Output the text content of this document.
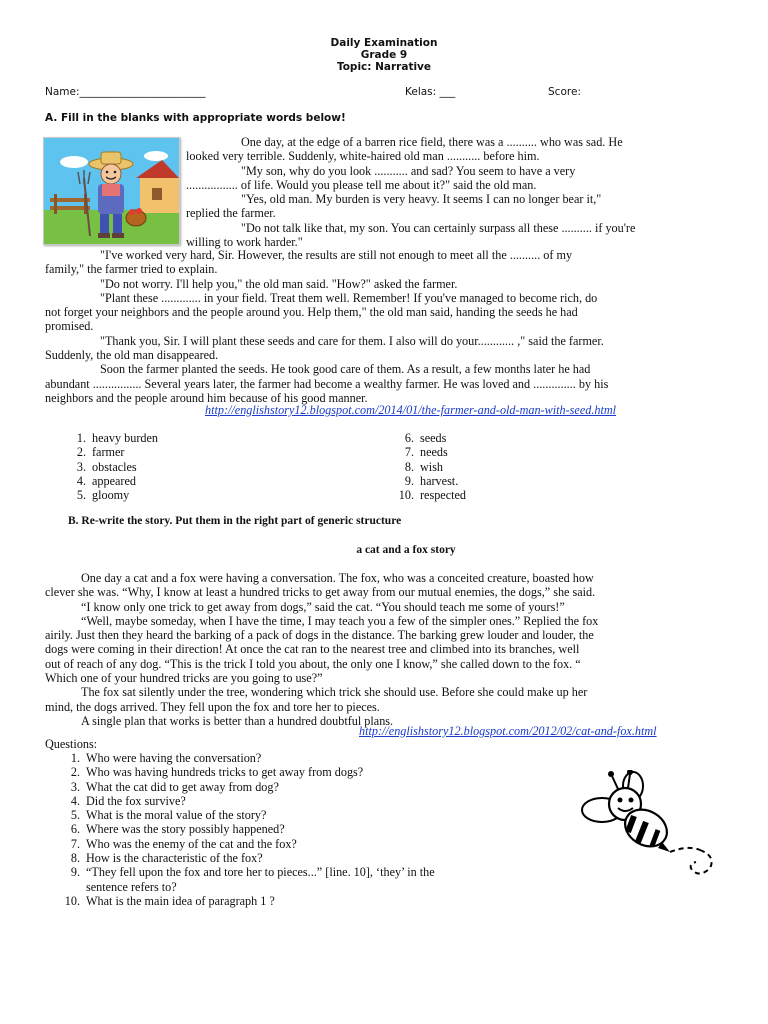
Daily Examination
Grade 9
Topic: Narrative
Name:________________________	Kelas: ___	Score:
A. Fill in the blanks with appropriate words below!

One day, at the edge of a barren rice field, there was a .......... who was sad. He

looked very terrible. Suddenly, white-haired old man ........... before him.

"My son, why do you look ........... and sad? You seem to have a very

................. of life. Would you please tell me about it?" said the old man.

"Yes, old man. My burden is very heavy. It seems I can no longer bear it,"

replied the farmer.

"Do not talk like that, my son. You can certainly surpass all these .......... if you're

willing to work harder."

"I've worked very hard, Sir. However, the results are still not enough to meet all the .......... of my

family," the farmer tried to explain.

"Do not worry. I'll help you," the old man said. "How?" asked the farmer.

"Plant these ............. in your field. Treat them well. Remember! If you've managed to become rich, do

not forget your neighbors and the people around you. Help them," the old man said, handing the seeds he had

promised.

"Thank you, Sir. I will plant these seeds and care for them. I also will do your............ ," said the farmer.

Suddenly, the old man disappeared.

Soon the farmer planted the seeds. He took good care of them. As a result, a few months later he had

abundant ................ Several years later, the farmer had become a wealthy farmer. He was loved and .............. by his

neighbors and the people around him because of his good manner.

http://englishstory12.blogspot.com/2014/01/the-farmer-and-old-man-with-seed.html
1. heavy burden
2. farmer
3. obstacles
4. appeared
5. gloomy
6. seeds
7. needs
8. wish
9. harvest.
10. respected
B. Re-write the story. Put them in the right part of generic structure
a cat and a fox story

One day a cat and a fox were having a conversation. The fox, who was a conceited creature, boasted how

clever she was. “Why, I know at least a hundred tricks to get away from our mutual enemies, the dogs,” she said.

“I know only one trick to get away from dogs,” said the cat. “You should teach me some of yours!”

“Well, maybe someday, when I have the time, I may teach you a few of the simpler ones.” Replied the fox

airily. Just then they heard the barking of a pack of dogs in the distance. The barking grew louder and louder, the

dogs were coming in their direction! At once the cat ran to the nearest tree and climbed into its branches, well

out of reach of any dog. “This is the trick I told you about, the only one I know,” she called down to the fox. “

Which one of your hundred tricks are you going to use?”

The fox sat silently under the tree, wondering which trick she should use. Before she could make up her

mind, the dogs arrived. They fell upon the fox and tore her to pieces.

A single plan that works is better than a hundred doubtful plans.

http://englishstory12.blogspot.com/2012/02/cat-and-fox.html
Questions:
1. Who were having the conversation?
2. Who was having hundreds tricks to get away from dogs?
3. What the cat did to get away from dog?
4. Did the fox survive?
5. What is the moral value of the story?
6. Where was the story possibly happened?
7. Who was the enemy of the cat and the fox?
8. How is the characteristic of the fox?
9. “They fell upon the fox and tore her to pieces...” [line. 10], ‘they’ in the
sentence refers to?
10. What is the main idea of paragraph 1 ?
